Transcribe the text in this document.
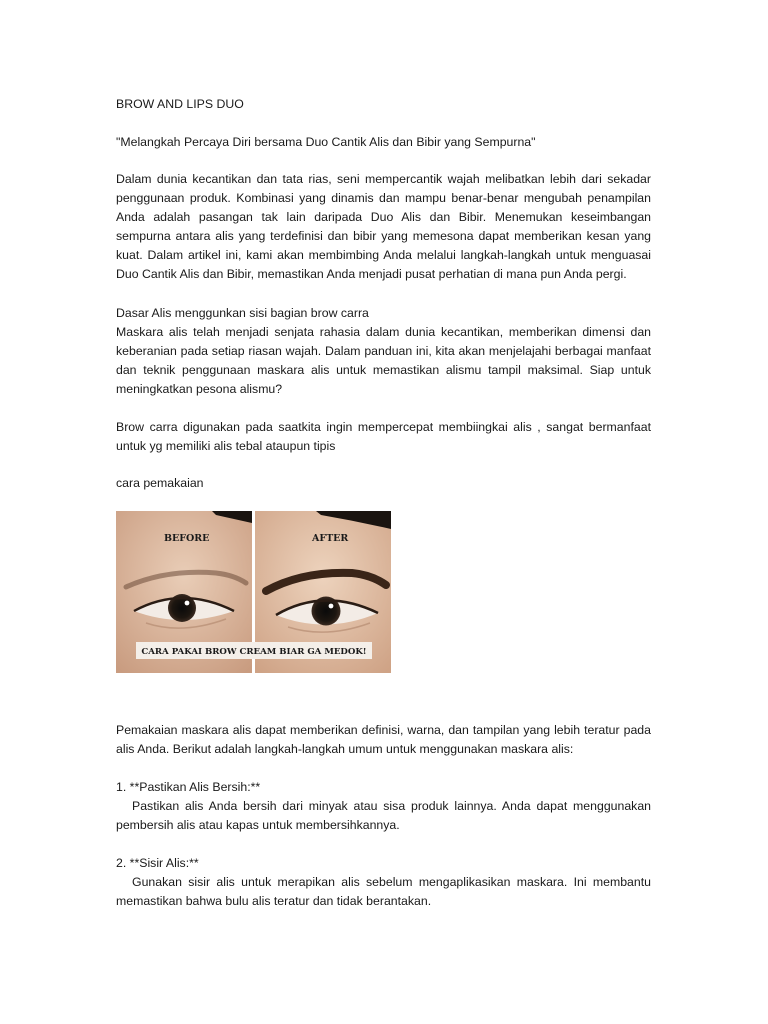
BROW AND LIPS DUO

"Melangkah Percaya Diri bersama Duo Cantik Alis dan Bibir yang Sempurna"

Dalam dunia kecantikan dan tata rias, seni mempercantik wajah melibatkan lebih dari sekadar penggunaan produk. Kombinasi yang dinamis dan mampu benar-benar mengubah penampilan Anda adalah pasangan tak lain daripada Duo Alis dan Bibir. Menemukan keseimbangan sempurna antara alis yang terdefinisi dan bibir yang memesona dapat memberikan kesan yang kuat. Dalam artikel ini, kami akan membimbing Anda melalui langkah-langkah untuk menguasai Duo Cantik Alis dan Bibir, memastikan Anda menjadi pusat perhatian di mana pun Anda pergi.

Dasar Alis menggunkan sisi bagian brow carra

Maskara alis telah menjadi senjata rahasia dalam dunia kecantikan, memberikan dimensi dan keberanian pada setiap riasan wajah. Dalam panduan ini, kita akan menjelajahi berbagai manfaat dan teknik penggunaan maskara alis untuk memastikan alismu tampil maksimal. Siap untuk meningkatkan pesona alismu?

Brow carra digunakan pada saatkita ingin mempercepat membiingkai alis , sangat bermanfaat untuk yg memiliki alis tebal ataupun tipis

cara pemakaian

BEFORE	AFTER
CARA PAKAI BROW CREAM BIAR GA MEDOK!

Pemakaian maskara alis dapat memberikan definisi, warna, dan tampilan yang lebih teratur pada alis Anda. Berikut adalah langkah-langkah umum untuk menggunakan maskara alis:

1. **Pastikan Alis Bersih:**

Pastikan alis Anda bersih dari minyak atau sisa produk lainnya. Anda dapat menggunakan pembersih alis atau kapas untuk membersihkannya.

2. **Sisir Alis:**

Gunakan sisir alis untuk merapikan alis sebelum mengaplikasikan maskara. Ini membantu memastikan bahwa bulu alis teratur dan tidak berantakan.
